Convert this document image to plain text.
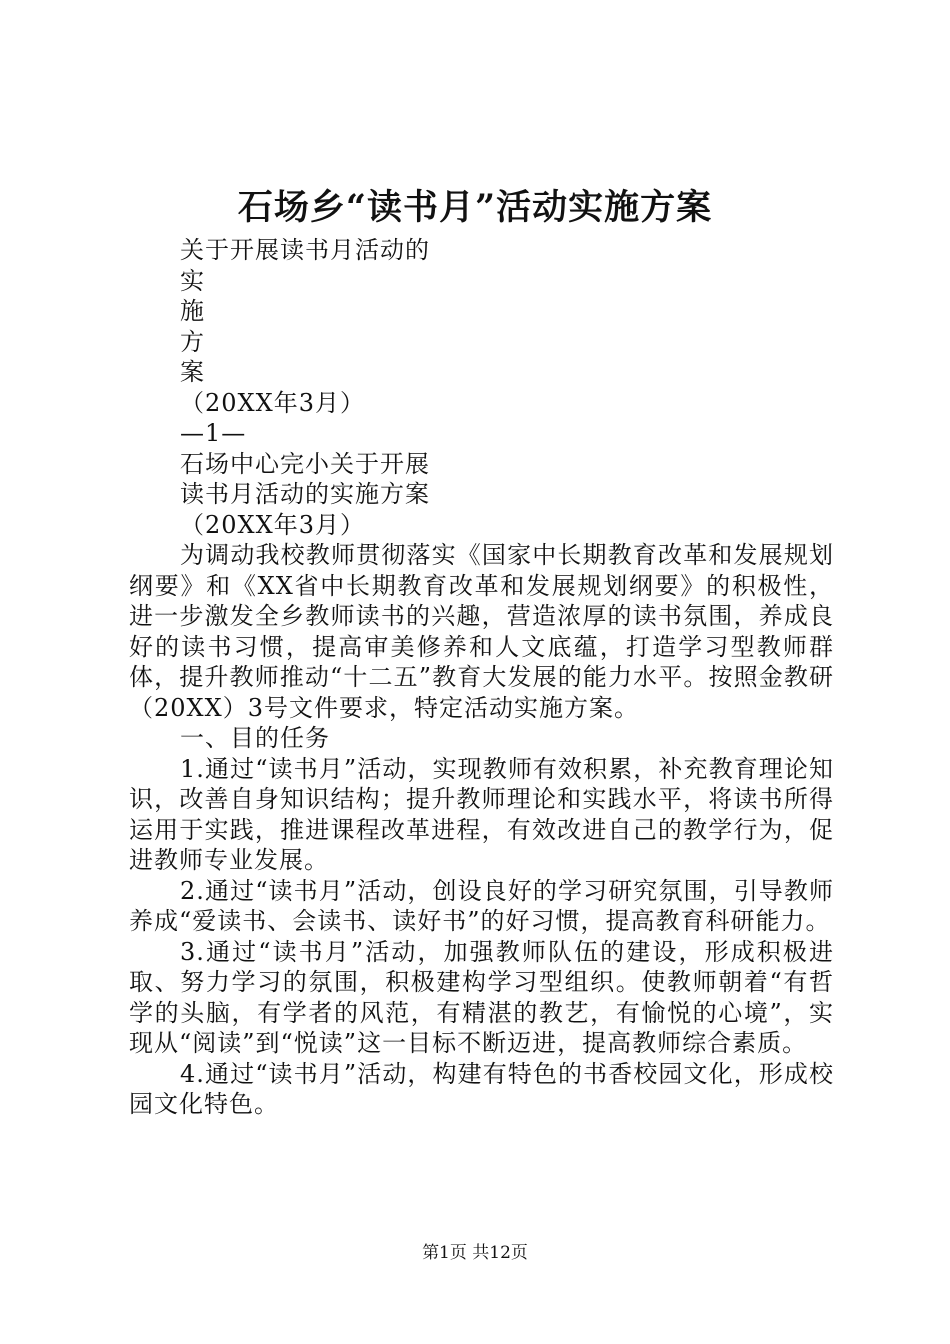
石场乡“读书月”活动实施方案

关于开展读书月活动的

实

施

方

案

（20XX年3月）

—1—

石场中心完小关于开展

读书月活动的实施方案

（20XX年3月）

为调动我校教师贯彻落实《国家中长期教育改革和发展规划纲要》和《XX省中长期教育改革和发展规划纲要》的积极性，进一步激发全乡教师读书的兴趣，营造浓厚的读书氛围，养成良好的读书习惯，提高审美修养和人文底蕴，打造学习型教师群体，提升教师推动“十二五”教育大发展的能力水平。按照金教研（20XX）3号文件要求，特定活动实施方案。

一、目的任务

1.通过“读书月”活动，实现教师有效积累，补充教育理论知识，改善自身知识结构；提升教师理论和实践水平，将读书所得运用于实践，推进课程改革进程，有效改进自己的教学行为，促进教师专业发展。

2.通过“读书月”活动，创设良好的学习研究氛围，引导教师养成“爱读书、会读书、读好书”的好习惯，提高教育科研能力。

3.通过“读书月”活动，加强教师队伍的建设，形成积极进取、努力学习的氛围，积极建构学习型组织。使教师朝着“有哲学的头脑，有学者的风范，有精湛的教艺，有愉悦的心境”，实现从“阅读”到“悦读”这一目标不断迈进，提高教师综合素质。

4.通过“读书月”活动，构建有特色的书香校园文化，形成校园文化特色。

第1页 共12页
